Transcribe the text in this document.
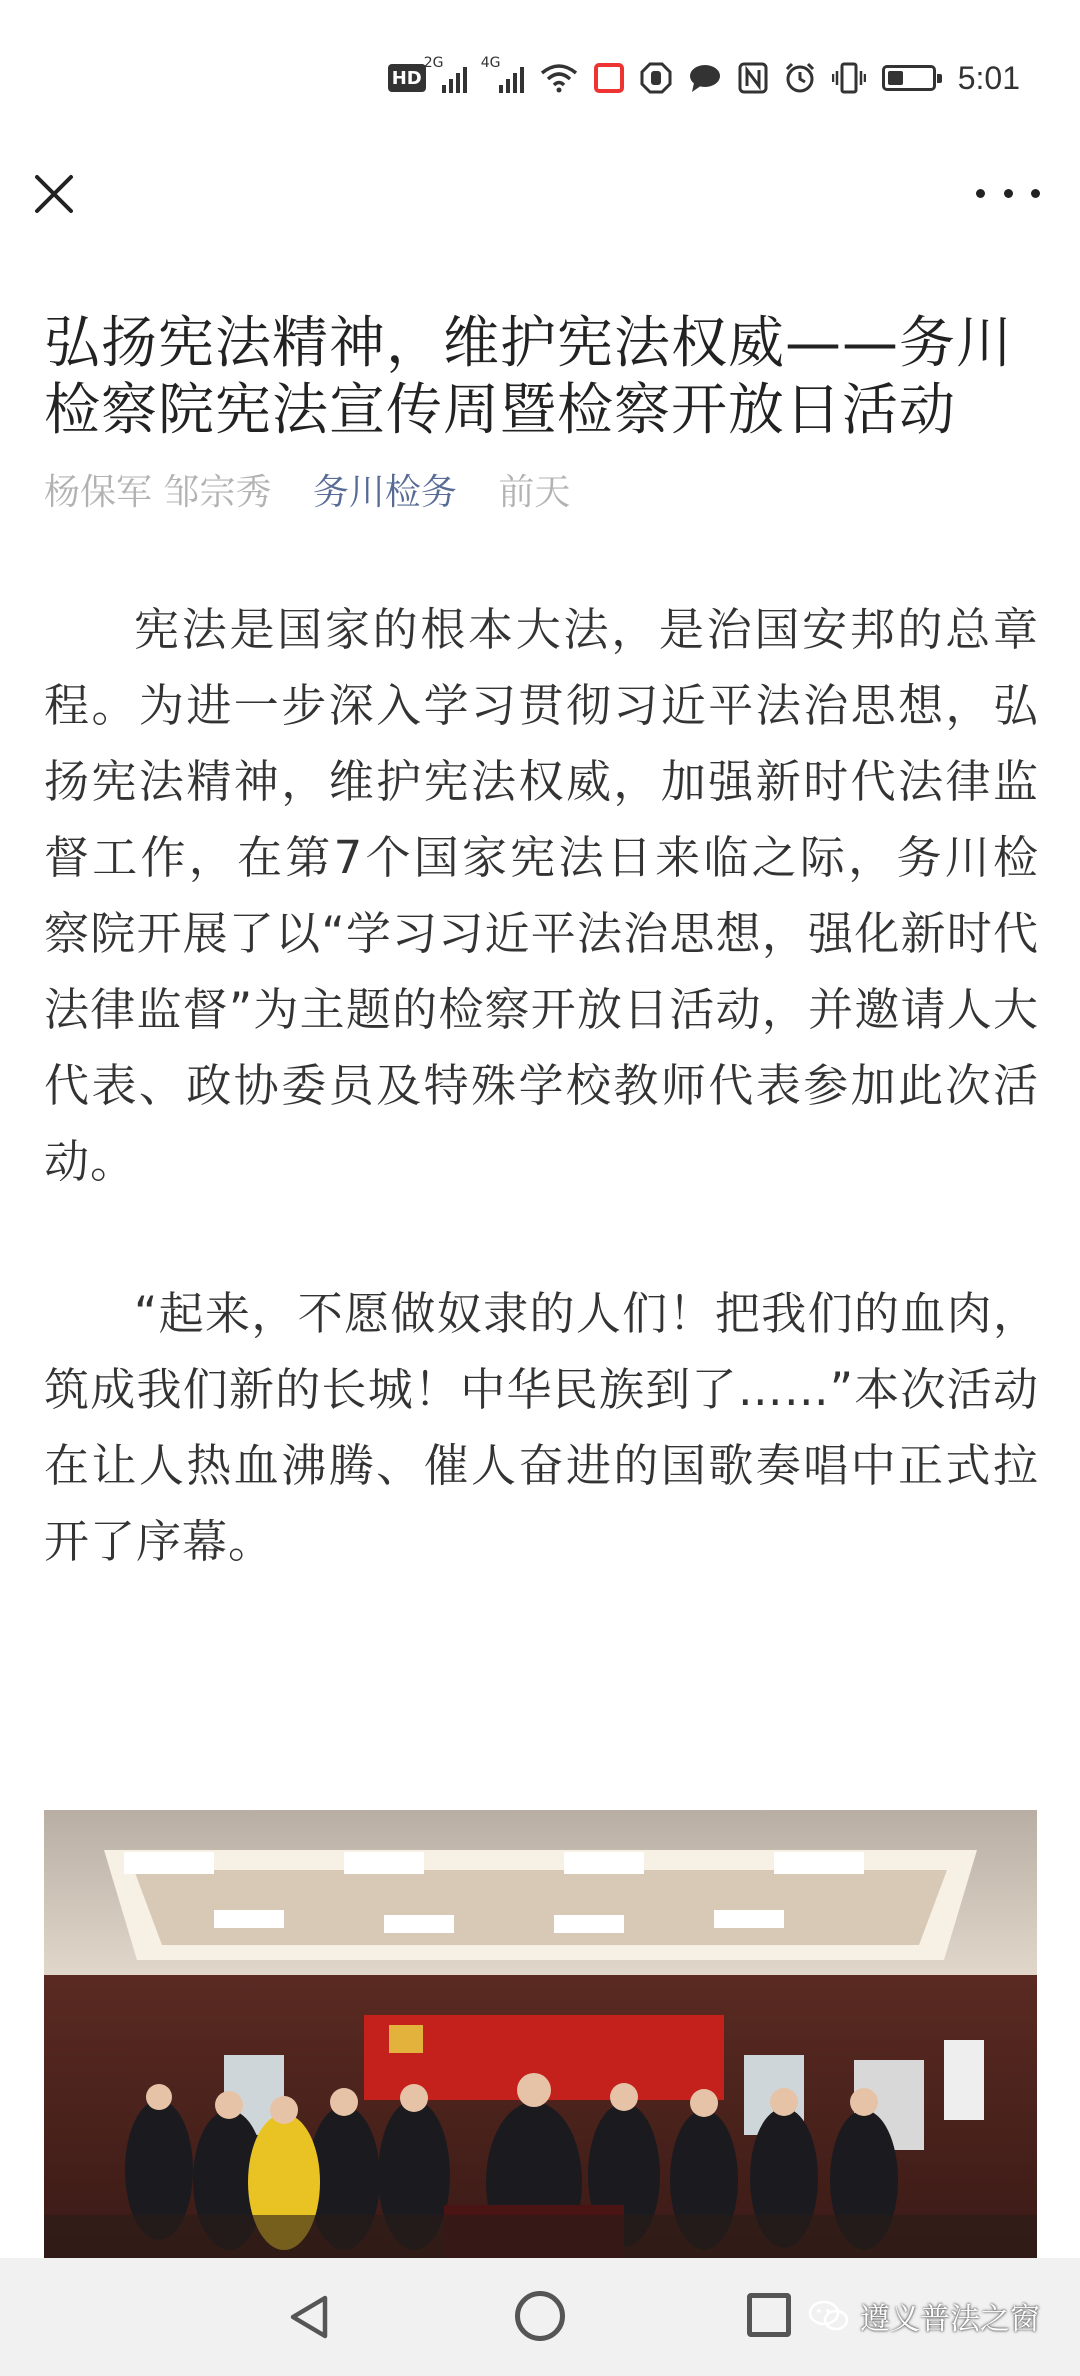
HD
2G	4G	5:01
弘扬宪法精神，维护宪法权威——务川检察院宪法宣传周暨检察开放日活动
杨保军 邹宗秀 务川检务 前天

宪法是国家的根本大法，是治国安邦的总章程。为进一步深入学习贯彻习近平法治思想，弘扬宪法精神，维护宪法权威，加强新时代法律监督工作，在第7个国家宪法日来临之际，务川检察院开展了以“学习习近平法治思想，强化新时代法律监督”为主题的检察开放日活动，并邀请人大代表、政协委员及特殊学校教师代表参加此次活动。

“起来，不愿做奴隶的人们！把我们的血肉，筑成我们新的长城！中华民族到了……”本次活动在让人热血沸腾、催人奋进的国歌奏唱中正式拉开了序幕。

遵义普法之窗
